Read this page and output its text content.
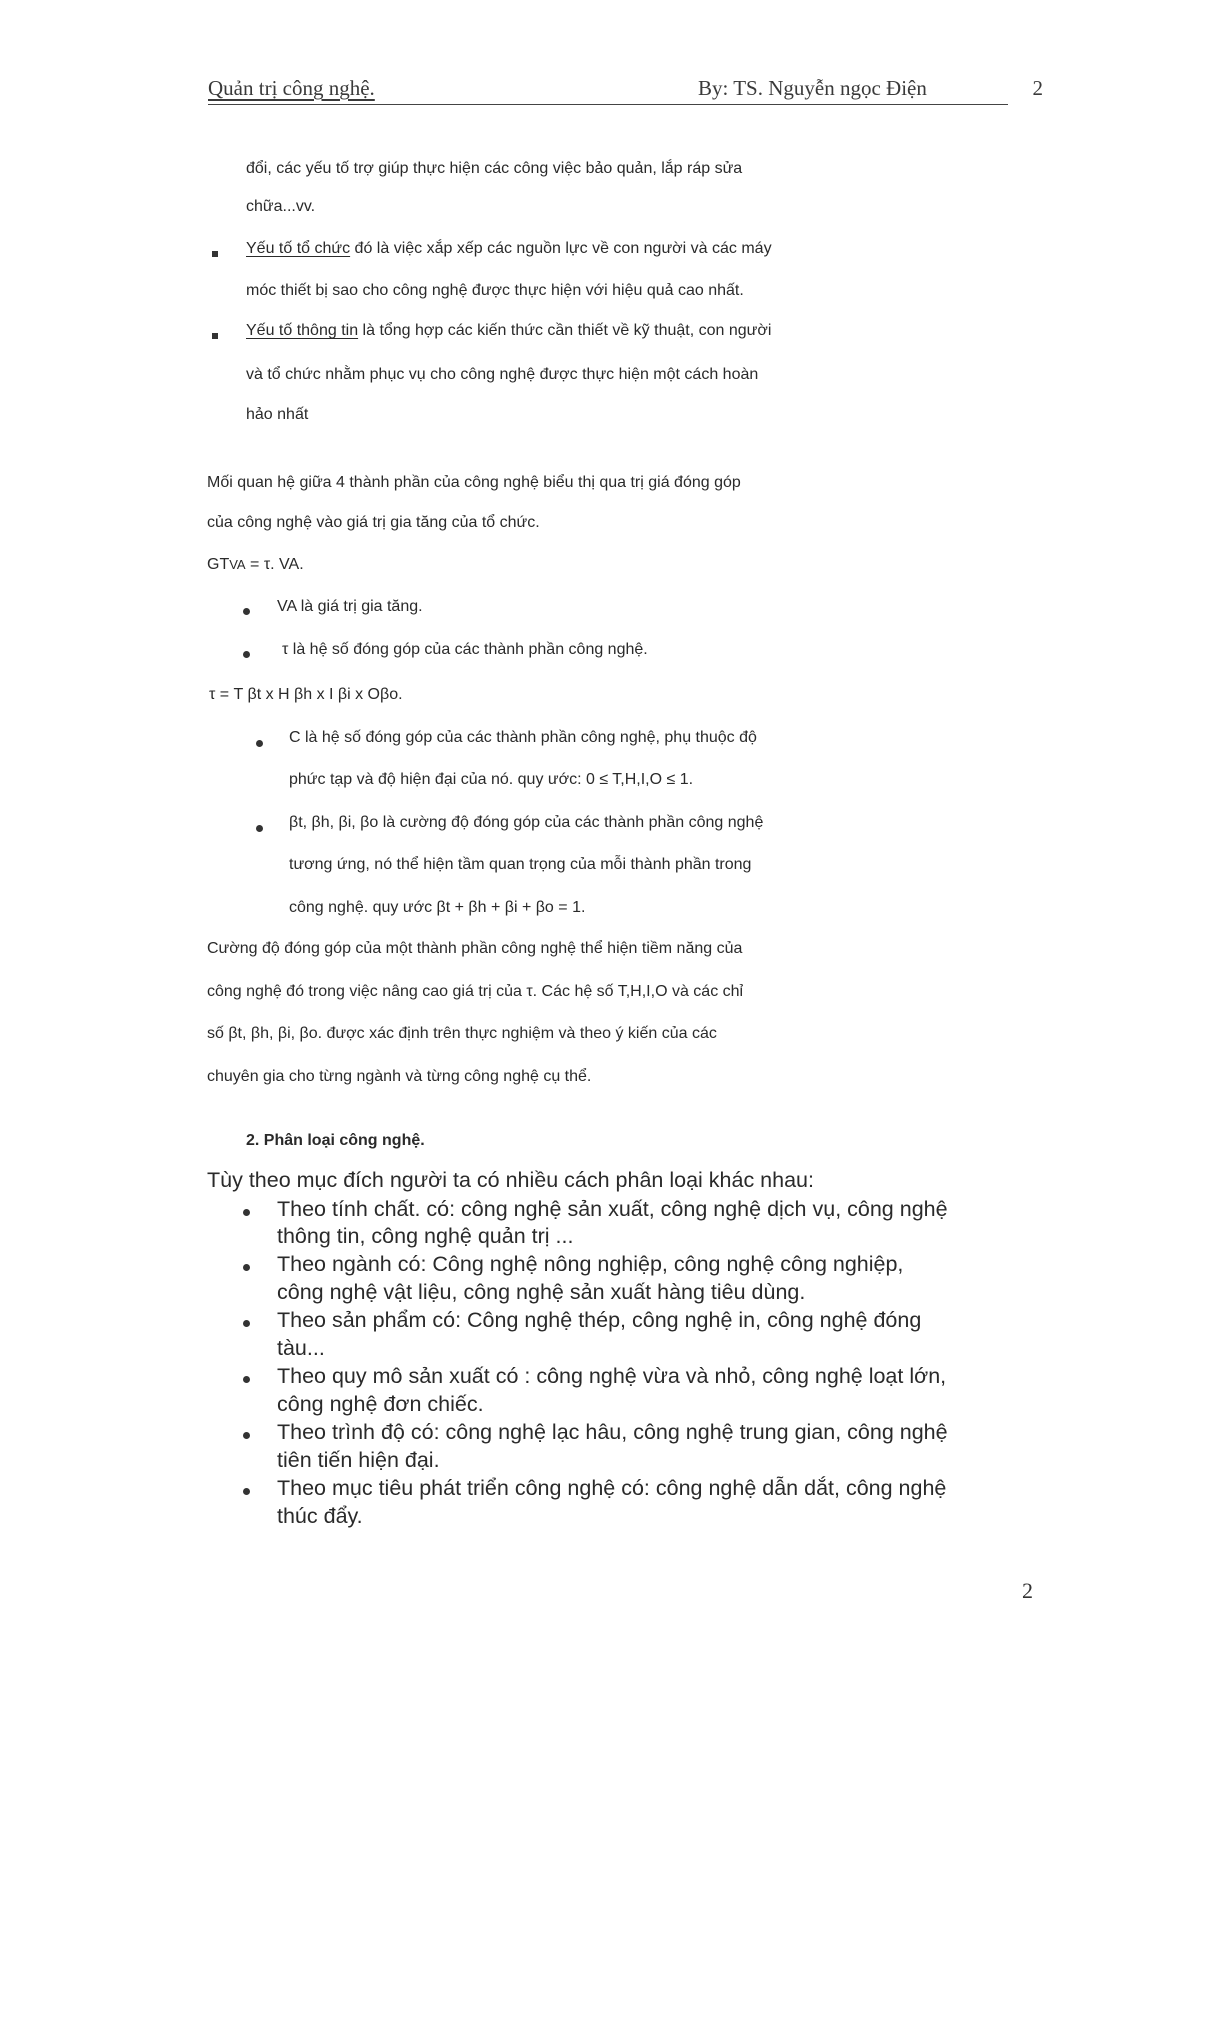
Quản trị công nghệ.	By: TS. Nguyễn ngọc Điện	2
đổi, các yếu tố trợ giúp thực hiện các công việc bảo quản, lắp ráp sửa
chữa...vv.
Yếu tố tổ chức đó là việc xắp xếp các nguồn lực về con người và các máy
móc thiết bị sao cho công nghệ được thực hiện với hiệu quả cao nhất.
Yếu tố thông tin là tổng hợp các kiến thức cần thiết về kỹ thuật, con người
và tổ chức nhằm phục vụ cho công nghệ được thực hiện một cách hoàn
hảo nhất
Mối quan hệ giữa 4 thành phần của công nghệ biểu thị qua trị giá đóng góp
của công nghệ vào giá trị gia tăng của tổ chức.
GTVA = τ. VA.
VA là giá trị gia tăng.
τ là hệ số đóng góp của các thành phần công nghệ.
τ = T βt x H βh x I βi x Oβo.
C là hệ số đóng góp của các thành phần công nghệ, phụ thuộc độ
phức tạp và độ hiện đại của nó. quy ước: 0 ≤ T,H,I,O ≤ 1.
βt, βh, βi, βo là cường độ đóng góp của các thành phần công nghệ
tương ứng, nó thể hiện tầm quan trọng của mỗi thành phần trong
công nghệ. quy ước βt + βh + βi + βo = 1.
Cường độ đóng góp của một thành phần công nghệ thể hiện tiềm năng của
công nghệ đó trong việc nâng cao giá trị của τ. Các hệ số T,H,I,O và các chỉ
số βt, βh, βi, βo. được xác định trên thực nghiệm và theo ý kiến của các
chuyên gia cho từng ngành và từng công nghệ cụ thể.
2. Phân loại công nghệ.
Tùy theo mục đích người ta có nhiều cách phân loại khác nhau:
Theo tính chất. có: công nghệ sản xuất, công nghệ dịch vụ, công nghệ
thông tin, công nghệ quản trị ...
Theo ngành có: Công nghệ nông nghiệp, công nghệ công nghiệp,
công nghệ vật liệu, công nghệ sản xuất hàng tiêu dùng.
Theo sản phẩm có: Công nghệ thép, công nghệ in, công nghệ đóng
tàu...
Theo quy mô sản xuất có : công nghệ vừa và nhỏ, công nghệ loạt lớn,
công nghệ đơn chiếc.
Theo trình độ có: công nghệ lạc hâu, công nghệ trung gian, công nghệ
tiên tiến hiện đại.
Theo mục tiêu phát triển công nghệ có: công nghệ dẫn dắt, công nghệ
thúc đẩy.
2
